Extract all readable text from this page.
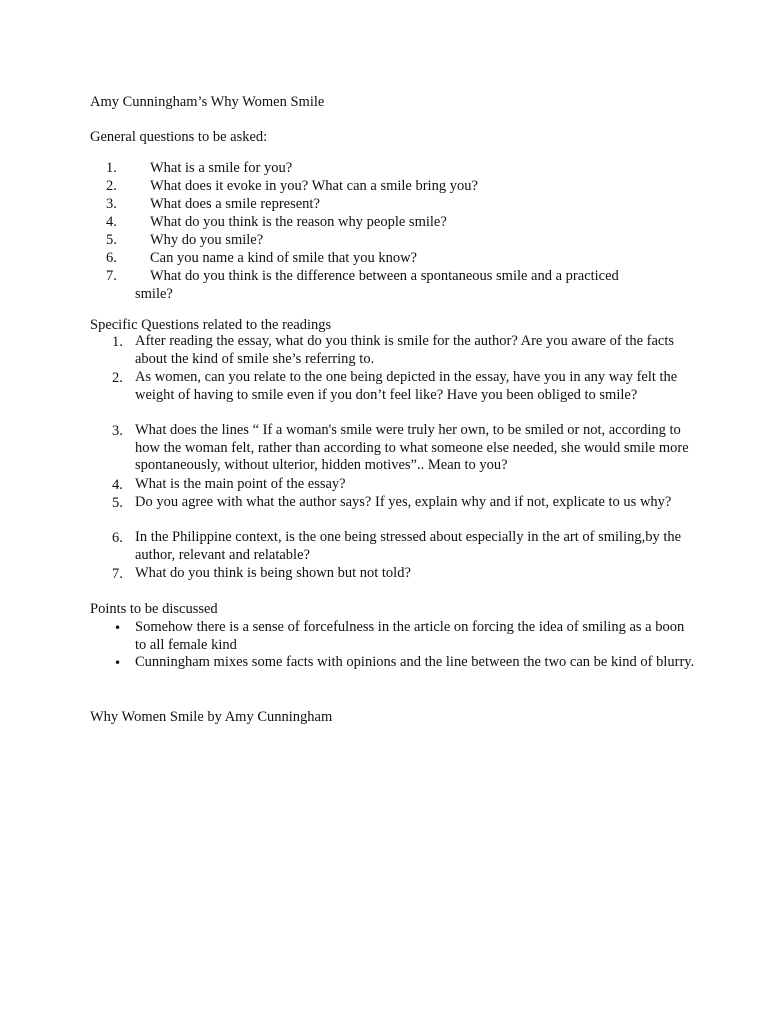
Amy Cunningham’s Why Women Smile
General questions to be asked:
1.	What is a smile for you?
2.	What does it evoke in you? What can a smile bring you?
3.	What does a smile represent?
4.	What do you think is the reason why people smile?
5.	Why do you smile?
6.	Can you name a kind of smile that you know?
7.	What do you think is the difference between a spontaneous smile and a practiced
smile?
Specific Questions related to the readings
1. After reading the essay, what do you think is smile for the author? Are you aware of the facts about the kind of smile she’s referring to.
2. As women, can you relate to the one being depicted in the essay, have you in any way felt the weight of having to smile even if you don’t feel like? Have you been obliged to smile?
3. What does the lines “ If a woman's smile were truly her own, to be smiled or not, according to how the woman felt, rather than according to what someone else needed, she would smile more spontaneously, without ulterior, hidden motives”.. Mean to you?
4. What is the main point of the essay?
5. Do you agree with what the author says? If yes, explain why and if not, explicate to us why?
6. In the Philippine context, is the one being stressed about especially in the art of smiling,by the author, relevant and relatable?
7. What do you think is being shown but not told?
Points to be discussed
• Somehow there is a sense of forcefulness in the article on forcing the idea of smiling as a boon to all female kind
• Cunningham mixes some facts with opinions and the line between the two can be kind of blurry.
Why Women Smile by Amy Cunningham
